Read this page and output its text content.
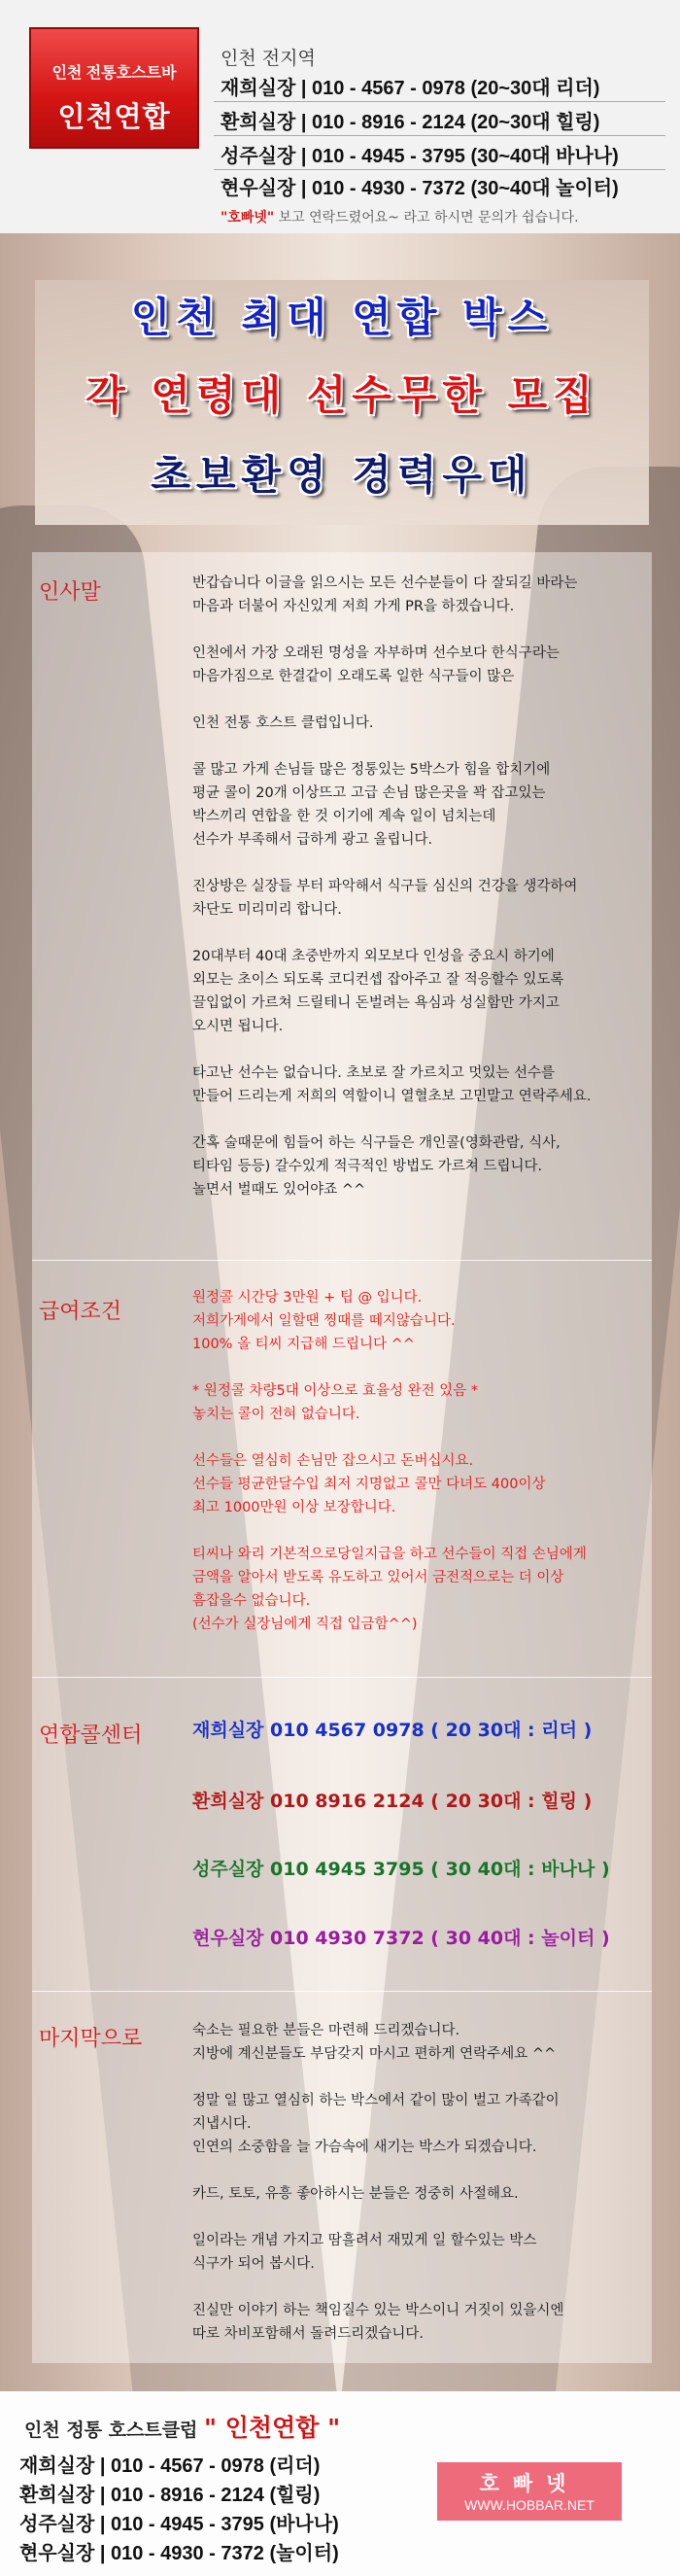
인천 전통호스트바
인천연합
인천 전지역
재희실장 | 010 - 4567 - 0978 (20~30대 리더)
환희실장 | 010 - 8916 - 2124 (20~30대 힐링)
성주실장 | 010 - 4945 - 3795 (30~40대 바나나)
현우실장 | 010 - 4930 - 7372 (30~40대 놀이터)
"호빠넷" 보고 연락드렸어요~ 라고 하시면 문의가 쉽습니다.
인천 최대 연합 박스
각 연령대 선수무한 모집
초보환영 경력우대
인사말	반갑습니다 이글을 읽으시는 모든 선수분들이 다 잘되길 바라는

마음과 더불어 자신있게 저희 가게 PR을 하겠습니다.

인천에서 가장 오래된 명성을 자부하며 선수보다 한식구라는

마음가짐으로 한결같이 오래도록 일한 식구들이 많은

인천 전통 호스트 클럽입니다.

콜 많고 가게 손님들 많은 정통있는 5박스가 힘을 합치기에

평균 콜이 20개 이상뜨고 고급 손님 많은곳을 꽉 잡고있는

박스끼리 연합을 한 것 이기에 계속 일이 넘치는데

선수가 부족해서 급하게 광고 올립니다.

진상방은 실장들 부터 파악해서 식구들 심신의 건강을 생각하여

차단도 미리미리 합니다.

20대부터 40대 초중반까지 외모보다 인성을 중요시 하기에

외모는 초이스 되도록 코디컨셉 잡아주고 잘 적응할수 있도록

끌입없이 가르쳐 드릴테니 돈벌려는 욕심과 성실함만 가지고

오시면 됩니다.

타고난 선수는 없습니다. 초보로 잘 가르치고 멋있는 선수를

만들어 드리는게 저희의 역할이니 열혈초보 고민말고 연락주세요.

간혹 술때문에 힘들어 하는 식구들은 개인콜(영화관람, 식사,

티타임 등등) 갈수있게 적극적인 방법도 가르쳐 드립니다.

놀면서 벌때도 있어야죠 ^^

급여조건

원정콜 시간당 3만원 + 팁 @ 입니다.

저희가게에서 일할땐 찡때를 떼지않습니다.

100% 올 티씨 지급해 드립니다 ^^

* 원정콜 차량5대 이상으로 효율성 완전 있음 *

놓치는 콜이 전혀 없습니다.

선수들은 열심히 손님만 잡으시고 돈버십시요.

선수들 평균한달수입 최저 지명없고 콜만 다녀도 400이상

최고 1000만원 이상 보장합니다.

티씨나 와리 기본적으로당일지급을 하고 선수들이 직접 손님에게

금액을 알아서 받도록 유도하고 있어서 금전적으로는 더 이상

흠잡을수 없습니다.

(선수가 실장님에게 직접 입금함^^)

연합콜센터	재희실장 010 4567 0978 ( 20 30대 : 리더 )
환희실장 010 8916 2124 ( 20 30대 : 힐링 )
성주실장 010 4945 3795 ( 30 40대 : 바나나 )
현우실장 010 4930 7372 ( 30 40대 : 놀이터 )
마지막으로	숙소는 필요한 분들은 마련해 드리겠습니다.

지방에 계신분들도 부담갖지 마시고 편하게 연락주세요 ^^

정말 일 많고 열심히 하는 박스에서 같이 많이 벌고 가족같이

지냅시다.

인연의 소중함을 늘 가슴속에 새기는 박스가 되겠습니다.

카드, 토토, 유흥 좋아하시는 분들은 정중히 사절해요.

일이라는 개념 가지고 땀흘려서 재밌게 일 할수있는 박스

식구가 되어 봅시다.

진실만 이야기 하는 책임질수 있는 박스이니 거짓이 있을시엔

따로 차비포함해서 돌려드리겠습니다.

인천 정통 호스트클럽 " 인천연합 "
재희실장 | 010 - 4567 - 0978 (리더)
환희실장 | 010 - 8916 - 2124 (힐링)
성주실장 | 010 - 4945 - 3795 (바나나)
현우실장 | 010 - 4930 - 7372 (놀이터)
호빠넷
WWW.HOBBAR.NET
